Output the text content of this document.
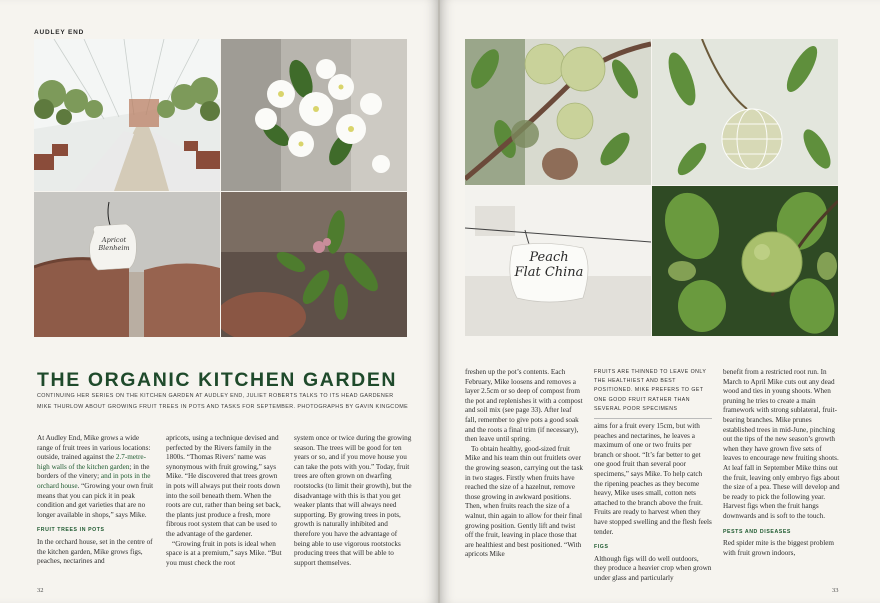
AUDLEY END
Apricot
Blenheim
THE ORGANIC KITCHEN GARDEN
CONTINUING HER SERIES ON THE KITCHEN GARDEN AT AUDLEY END, JULIET ROBERTS TALKS TO ITS HEAD GARDENER
MIKE THURLOW ABOUT GROWING FRUIT TREES IN POTS AND TASKS FOR SEPTEMBER. PHOTOGRAPHS BY GAVIN KINGCOME

At Audley End, Mike grows a wide range of fruit trees in various locations: outside, trained against the 2.7-metre-high walls of the kitchen garden; in the borders of the vinery; and in pots in the orchard house. “Growing your own fruit means that you can pick it in peak condition and get varieties that are no longer available in shops,” says Mike.

FRUIT TREES IN POTS

In the orchard house, set in the centre of the kitchen garden, Mike grows figs, peaches, nectarines and

apricots, using a technique devised and perfected by the Rivers family in the 1800s. “Thomas Rivers’ name was synonymous with fruit growing,” says Mike. “He discovered that trees grown in pots will always put their roots down into the soil beneath them. When the roots are cut, rather than being set back, the plants just produce a fresh, more fibrous root system that can be used to the advantage of the gardener.

“Growing fruit in pots is ideal when space is at a premium,” says Mike. “But you must check the root

system once or twice during the growing season. The trees will be good for ten years or so, and if you move house you can take the pots with you.” Today, fruit trees are often grown on dwarfing rootstocks (to limit their growth), but the disadvantage with this is that you get weaker plants that will always need supporting. By growing trees in pots, growth is naturally inhibited and therefore you have the advantage of being able to use vigorous rootstocks producing trees that will be able to support themselves.

32
Peach
Flat China

freshen up the pot’s contents. Each February, Mike loosens and removes a layer 2.5cm or so deep of compost from the pot and replenishes it with a compost and soil mix (see page 33). After leaf fall, remember to give pots a good soak and the roots a final trim (if necessary), then leave until spring.

To obtain healthy, good-sized fruit Mike and his team thin out fruitlets over the growing season, carrying out the task in two stages. Firstly when fruits have reached the size of a hazelnut, remove those growing in awkward positions. Then, when fruits reach the size of a walnut, thin again to allow for their final growing position. Gently lift and twist off the fruit, leaving in place those that are healthiest and best positioned. “With apricots Mike

FRUITS ARE THINNED TO LEAVE ONLY THE HEALTHIEST AND BEST POSITIONED. MIKE PREFERS TO GET ONE GOOD FRUIT RATHER THAN SEVERAL POOR SPECIMENS

aims for a fruit every 15cm, but with peaches and nectarines, he leaves a maximum of one or two fruits per branch or shoot. “It’s far better to get one good fruit than several poor specimens,” says Mike. To help catch the ripening peaches as they become heavy, Mike uses small, cotton nets attached to the branch above the fruit. Fruits are ready to harvest when they have stopped swelling and the flesh feels tender.

FIGS

Although figs will do well outdoors, they produce a heavier crop when grown under glass and particularly

benefit from a restricted root run. In March to April Mike cuts out any dead wood and ties in young shoots. When pruning he tries to create a main framework with strong sublateral, fruit-bearing branches. Mike prunes established trees in mid-June, pinching out the tips of the new season’s growth when they have grown five sets of leaves to encourage new fruiting shoots. At leaf fall in September Mike thins out the fruit, leaving only embryo figs about the size of a pea. These will develop and be ready to pick the following year. Harvest figs when the fruit hangs downwards and is soft to the touch.

PESTS AND DISEASES

Red spider mite is the biggest problem with fruit grown indoors,

33
